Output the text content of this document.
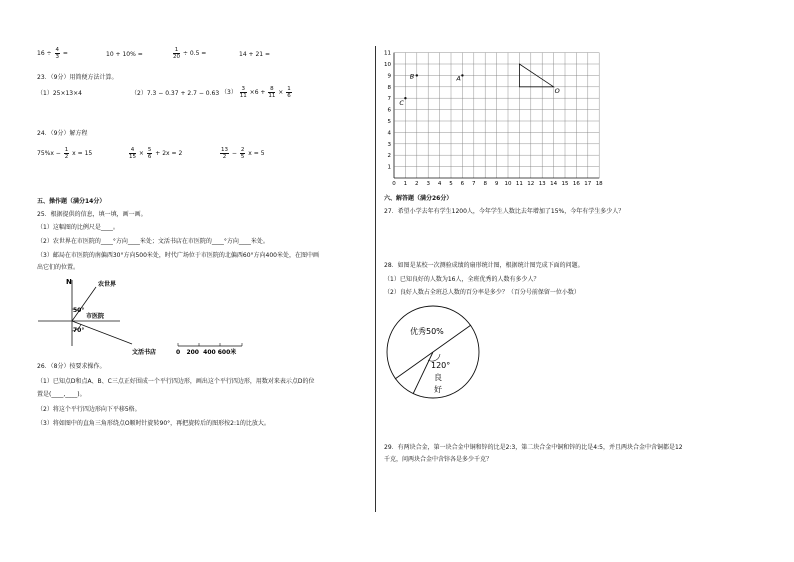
$16 \div \frac{4}{3}$ =	10 + 10% =	$\frac{1}{20} \div 0.5$ =	14 + 21 =
23．（9分）用简便方法计算。
（1）25×13×4	（2）7.3 − 0.37 + 2.7 − 0.63 $(3) \frac{3}{11} \times 6 + \frac{8}{11} \times \frac{1}{6}$
24．（9分）解方程
$75\%x - \frac{1}{2}$ x = 15	$\frac{4}{15} \times \frac{5}{6} + 2x = 2$	$\frac{13}{2} - \frac{2}{5}$ x = 5
五、操作题（满分14分）
25．根据提供的信息，填一填，画一画。
（1）这幅图的比例尺是____。
（2）农世界在市医院的____°方向____米处；文活书店在市医院的____°方向____米处。
（3）邮局在市医院的南偏西30°方向500米处，时代广场位于市医院的北偏西60°方向400米处，在图中画
出它们的位置。
N	农世界
50°
市医院
70°
文活书店	0   200  400 600米
26．（8分）按要求操作。
（1）已知点D和点A、B、C三点正好围成一个平行四边形，画出这个平行四边形，用数对来表示点D的位
置是(____,____)。
（2）将这个平行四边形向下平移5格。
（3）将如图中的直角三角形绕点O顺时针旋转90°，再把旋转后的图形按2:1的比放大。
0 1 2 3 4 5 6 7 8 9 10 11 12 13 14 15 16 17 18
1
2
3
4
5
6
7
8
9
10
11
B	A
C
O
六、解答题（满分26分）
27．希望小学去年有学生1200人，今年学生人数比去年增加了15%，今年有学生多少人？
28．如图是某校一次测验成绩的扇形统计图，根据统计图完成下面的问题。
（1）已知良好的人数为16人，全班优秀的人数有多少人？
（2）良好人数占全班总人数的百分率是多少？（百分号前保留一位小数）
优秀50%
120°
良
好
29．有两块合金，第一块合金中铜和锌的比是2:3，第二块合金中铜和锌的比是4:5，并且两块合金中含铜都是12
千克，问两块合金中含锌各是多少千克？
